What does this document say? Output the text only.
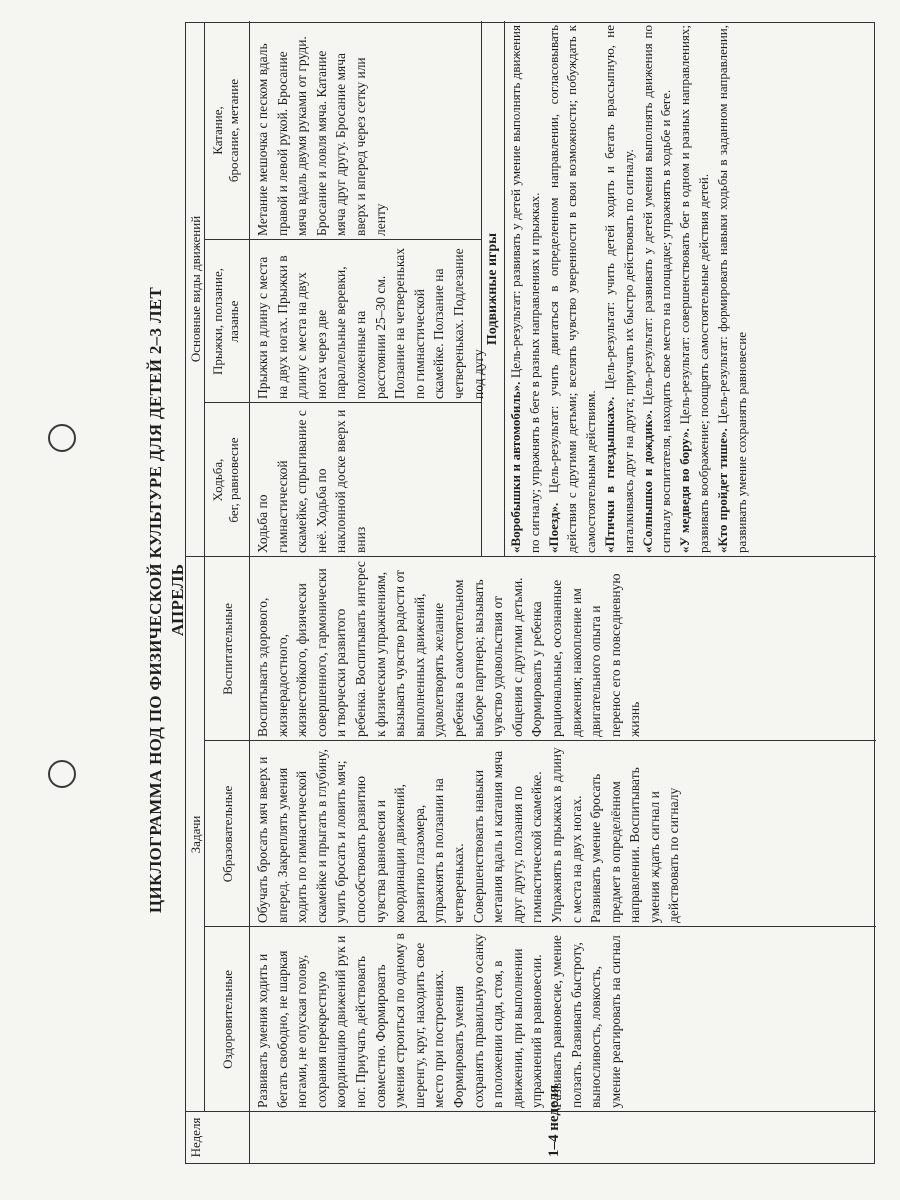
ЦИКЛОГРАММА НОД ПО ФИЗИЧЕСКОЙ КУЛЬТУРЕ ДЛЯ ДЕТЕЙ 2–3 ЛЕТ АПРЕЛЬ
Неделя
Задачи
Основные виды движений
Оздоровительные
Образовательные
Воспитательные
Ходьба,
бег, равновесие
Прыжки, ползание,
лазанье
Катание,
бросание, метание
1–4 неделя
Развивать умения ходить и бегать свободно, не шаркая ногами, не опуская голову, сохраняя перекрестную координацию движений рук и ног. Приучать действовать совместно. Формировать умения строиться по одному в шеренгу, круг, находить свое место при построениях. Формировать умения сохранять правильную осанку в положении сидя, стоя, в движении, при выполнении упражнений в равновесии. Развивать равновесие, умение ползать. Развивать быстроту, выносливость, ловкость, умение реагировать на сигнал
Обучать бросать мяч вверх и вперед. Закреплять умения ходить по гимнастической скамейке и прыгать в глубину, учить бросать и ловить мяч; способствовать развитию чувства равновесия и координации движений, развитию глазомера, упражнять в ползании на четвереньках. Совершенствовать навыки метания вдаль и катания мяча друг другу, ползания по гимнастической скамейке. Упражнять в прыжках в длину с места на двух ногах. Развивать умение бросать предмет в определённом направлении. Воспитывать умения ждать сигнал и действовать по сигналу
Воспитывать здорового, жизнерадостного, жизнестойкого, физически совершенного, гармонически и творчески развитого ребенка. Воспитывать интерес к физическим упражнениям, вызывать чувство радости от выполненных движений, удовлетворять желание ребенка в самостоятельном выборе партнера; вызывать чувство удовольствия от общения с другими детьми. Формировать у ребенка рациональные, осознанные движения; накопление им двигательного опыта и перенос его в повседневную жизнь
Ходьба по гимнастической скамейке, спрыгивание с неё. Ходьба по наклонной доске вверх и вниз
Прыжки в длину с места на двух ногах. Прыжки в длину с места на двух ногах через две параллельные веревки, положенные на расстоянии 25–30 см. Ползание на четвереньках по гимнастической скамейке. Ползание на четвереньках. Подлезание под дугу
Метание мешочка с песком вдаль правой и левой рукой. Бросание мяча вдаль двумя руками от груди. Бросание и ловля мяча. Катание мяча друг другу. Бросание мяча вверх и вперед через сетку или ленту
Подвижные игры

«Воробышки и автомобиль». Цель-результат: развивать у детей умение выполнять движения по сигналу; упражнять в беге в разных направлениях и прыжках. «Поезд». Цель-результат: учить двигаться в определенном направлении, согласовывать действия с другими детьми; вселять чувство уверенности в свои возможности; побуждать к самостоятельным действиям. «Птички в гнездышках». Цель-результат: учить детей ходить и бегать врассыпную, не наталкиваясь друг на друга; приучать их быстро действовать по сигналу. «Солнышко и дождик». Цель-результат: развивать у детей умения выполнять движения по сигналу воспитателя, находить свое место на площадке; упражнять в ходьбе и беге. «У медведя во бору». Цель-результат: совершенствовать бег в одном и разных направлениях; развивать воображение; поощрять самостоятельные действия детей. «Кто пройдет тише». Цель-результат: формировать навыки ходьбы в заданном направлении, развивать умение сохранять равновесие
